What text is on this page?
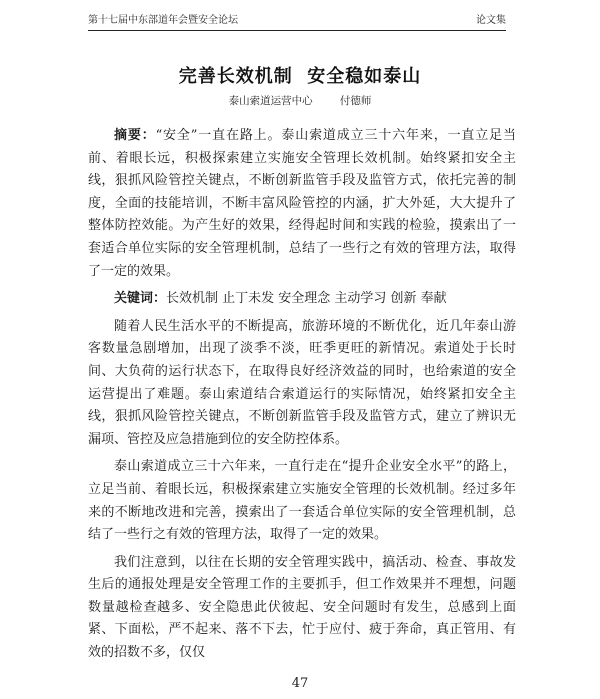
第十七届中东部道年会暨安全论坛	论文集
完善长效机制  安全稳如泰山
泰山索道运营中心	付德师

摘要：“安全”一直在路上。泰山索道成立三十六年来，一直立足当前、着眼长远，积极探索建立实施安全管理长效机制。始终紧扣安全主线，狠抓风险管控关键点，不断创新监管手段及监管方式，依托完善的制度，全面的技能培训，不断丰富风险管控的内涵，扩大外延，大大提升了整体防控效能。为产生好的效果，经得起时间和实践的检验，摸索出了一套适合单位实际的安全管理机制，总结了一些行之有效的管理方法，取得了一定的效果。

关键词：长效机制 止丁未发 安全理念 主动学习 创新 奉献

随着人民生活水平的不断提高，旅游环境的不断优化，近几年泰山游客数量急剧增加，出现了淡季不淡，旺季更旺的新情况。索道处于长时间、大负荷的运行状态下，在取得良好经济效益的同时，也给索道的安全运营提出了难题。泰山索道结合索道运行的实际情况，始终紧扣安全主线，狠抓风险管控关键点，不断创新监管手段及监管方式，建立了辨识无漏项、管控及应急措施到位的安全防控体系。

泰山索道成立三十六年来，一直行走在“提升企业安全水平”的路上，立足当前、着眼长远，积极探索建立实施安全管理的长效机制。经过多年来的不断地改进和完善，摸索出了一套适合单位实际的安全管理机制，总结了一些行之有效的管理方法，取得了一定的效果。

我们注意到，以往在长期的安全管理实践中，搞活动、检查、事故发生后的通报处理是安全管理工作的主要抓手，但工作效果并不理想，问题数量越检查越多、安全隐患此伏彼起、安全问题时有发生，总感到上面紧、下面松，严不起来、落不下去，忙于应付、疲于奔命，真正管用、有效的招数不多，仅仅

47
